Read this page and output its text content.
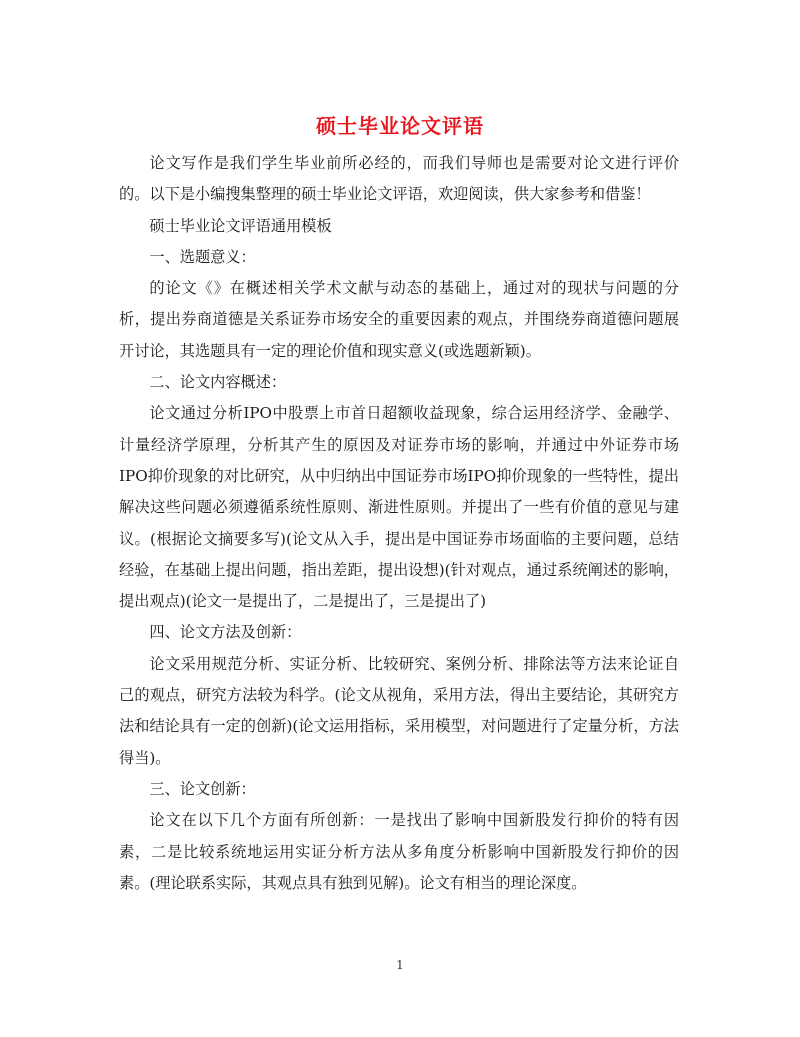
硕士毕业论文评语

论文写作是我们学生毕业前所必经的，而我们导师也是需要对论文进行评价的。以下是小编搜集整理的硕士毕业论文评语，欢迎阅读，供大家参考和借鉴！

硕士毕业论文评语通用模板

一、选题意义：

的论文《》在概述相关学术文献与动态的基础上，通过对的现状与问题的分析，提出券商道德是关系证券市场安全的重要因素的观点，并围绕券商道德问题展开讨论，其选题具有一定的理论价值和现实意义(或选题新颖)。

二、论文内容概述：

论文通过分析IPO中股票上市首日超额收益现象，综合运用经济学、金融学、计量经济学原理，分析其产生的原因及对证券市场的影响，并通过中外证券市场IPO抑价现象的对比研究，从中归纳出中国证券市场IPO抑价现象的一些特性，提出解决这些问题必须遵循系统性原则、渐进性原则。并提出了一些有价值的意见与建议。(根据论文摘要多写)(论文从入手，提出是中国证券市场面临的主要问题，总结经验，在基础上提出问题，指出差距，提出设想)(针对观点，通过系统阐述的影响，提出观点)(论文一是提出了，二是提出了，三是提出了)

四、论文方法及创新：

论文采用规范分析、实证分析、比较研究、案例分析、排除法等方法来论证自己的观点，研究方法较为科学。(论文从视角，采用方法，得出主要结论，其研究方法和结论具有一定的创新)(论文运用指标，采用模型，对问题进行了定量分析，方法得当)。

三、论文创新：

论文在以下几个方面有所创新：一是找出了影响中国新股发行抑价的特有因素，二是比较系统地运用实证分析方法从多角度分析影响中国新股发行抑价的因素。(理论联系实际，其观点具有独到见解)。论文有相当的理论深度。

1
